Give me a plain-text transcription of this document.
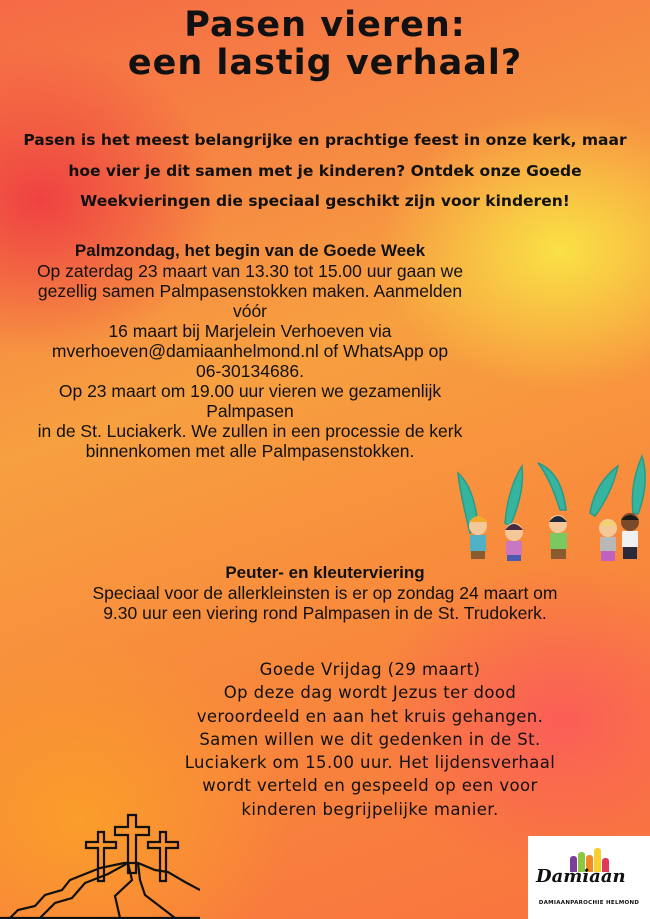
Pasen vieren:
een lastig verhaal?
Pasen is het meest belangrijke en prachtige feest in onze kerk, maar
hoe vier je dit samen met je kinderen? Ontdek onze Goede
Weekvieringen die speciaal geschikt zijn voor kinderen!
Palmzondag, het begin van de Goede Week

Op zaterdag 23 maart van 13.30 tot 15.00 uur gaan we

gezellig samen Palmpasenstokken maken. Aanmelden vóór

16 maart bij Marjelein Verhoeven via

mverhoeven@damiaanhelmond.nl of WhatsApp op

06-30134686.

Op 23 maart om 19.00 uur vieren we gezamenlijk Palmpasen

in de St. Luciakerk. We zullen in een processie de kerk

binnenkomen met alle Palmpasenstokken.

Peuter- en kleuterviering

Speciaal voor de allerkleinsten is er op zondag 24 maart om

9.30 uur een viering rond Palmpasen in de St. Trudokerk.

Goede Vrijdag (29 maart)
Op deze dag wordt Jezus ter dood
veroordeeld en aan het kruis gehangen.
Samen willen we dit gedenken in de St.
Luciakerk om 15.00 uur. Het lijdensverhaal
wordt verteld en gespeeld op een voor
kinderen begrijpelijke manier.
Damiaan
DAMIAANPAROCHIE HELMOND
